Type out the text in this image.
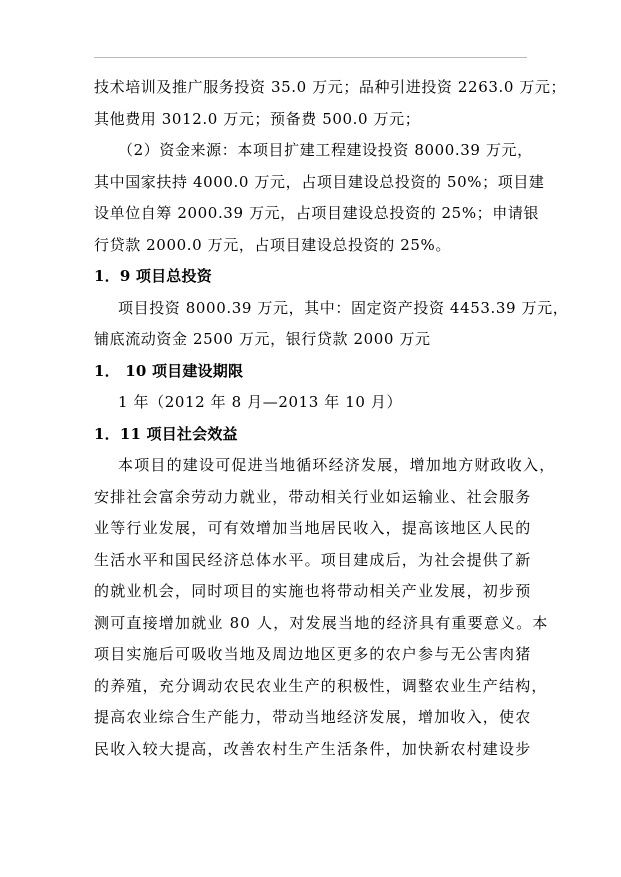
技术培训及推广服务投资 35.0 万元；品种引进投资 2263.0 万元；
其他费用 3012.0 万元；预备费 500.0 万元；
（2）资金来源：本项目扩建工程建设投资 8000.39 万元，
其中国家扶持 4000.0 万元，占项目建设总投资的 50%；项目建
设单位自筹 2000.39 万元，占项目建设总投资的 25%；申请银
行贷款 2000.0 万元，占项目建设总投资的 25%。
1．9 项目总投资
项目投资 8000.39 万元，其中：固定资产投资 4453.39 万元，
铺底流动资金 2500 万元，银行贷款 2000 万元
1． 10 项目建设期限
1 年（2012 年 8 月—2013 年 10 月）
1．11 项目社会效益
本项目的建设可促进当地循环经济发展，增加地方财政收入，
安排社会富余劳动力就业，带动相关行业如运输业、社会服务
业等行业发展，可有效增加当地居民收入，提高该地区人民的
生活水平和国民经济总体水平。项目建成后，为社会提供了新
的就业机会，同时项目的实施也将带动相关产业发展，初步预
测可直接增加就业 80 人，对发展当地的经济具有重要意义。本
项目实施后可吸收当地及周边地区更多的农户参与无公害肉猪
的养殖，充分调动农民农业生产的积极性，调整农业生产结构，
提高农业综合生产能力，带动当地经济发展，增加收入，使农
民收入较大提高，改善农村生产生活条件，加快新农村建设步
